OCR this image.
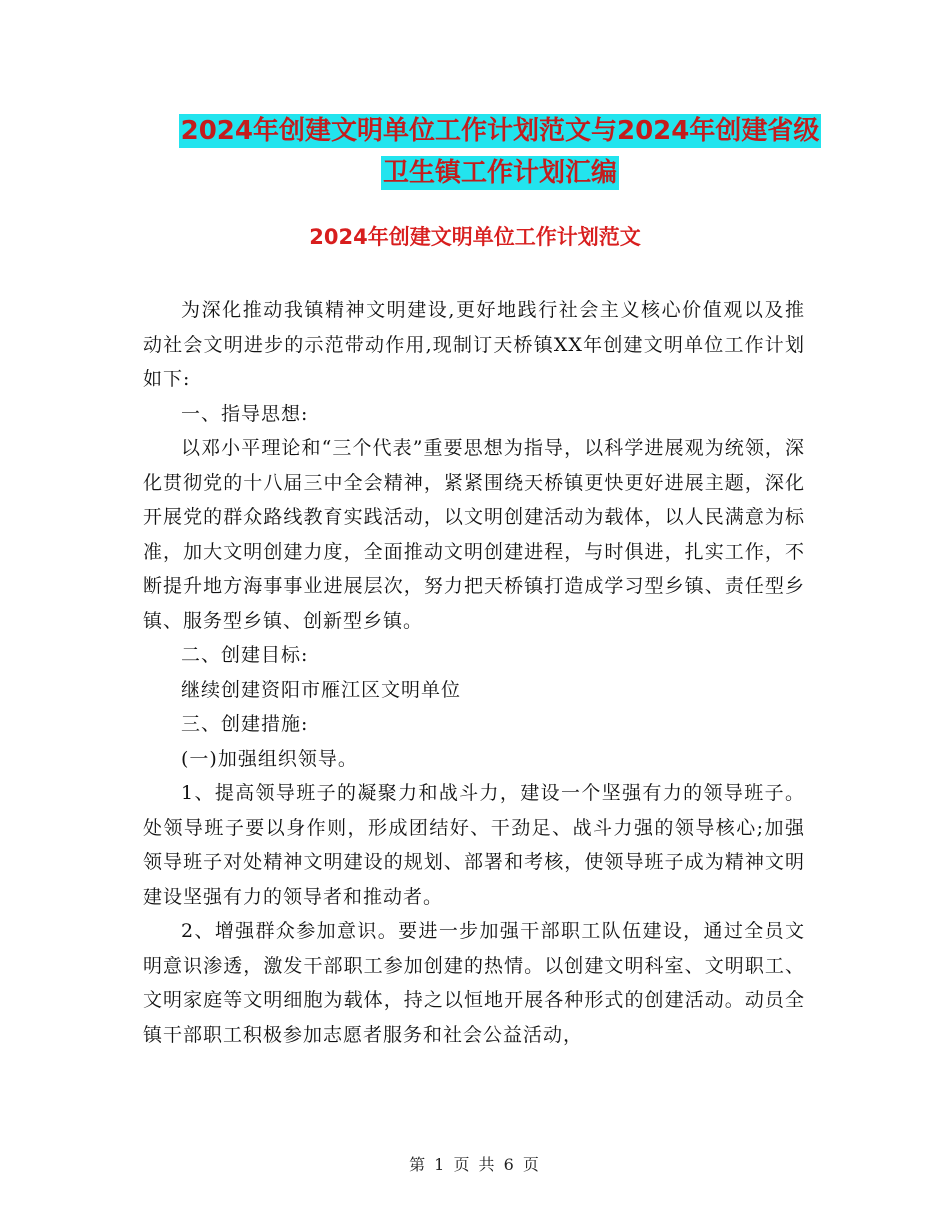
2024年创建文明单位工作计划范文与2024年创建省级
卫生镇工作计划汇编
2024年创建文明单位工作计划范文

为深化推动我镇精神文明建设,更好地践行社会主义核心价值观以及推动社会文明进步的示范带动作用,现制订天桥镇XX年创建文明单位工作计划如下:

一、指导思想:

以邓小平理论和“三个代表”重要思想为指导，以科学进展观为统领，深化贯彻党的十八届三中全会精神，紧紧围绕天桥镇更快更好进展主题，深化开展党的群众路线教育实践活动，以文明创建活动为载体，以人民满意为标准，加大文明创建力度，全面推动文明创建进程，与时俱进，扎实工作，不断提升地方海事事业进展层次，努力把天桥镇打造成学习型乡镇、责任型乡镇、服务型乡镇、创新型乡镇。

二、创建目标:

继续创建资阳市雁江区文明单位

三、创建措施:

(一)加强组织领导。

1、提高领导班子的凝聚力和战斗力，建设一个坚强有力的领导班子。处领导班子要以身作则，形成团结好、干劲足、战斗力强的领导核心;加强领导班子对处精神文明建设的规划、部署和考核，使领导班子成为精神文明建设坚强有力的领导者和推动者。

2、增强群众参加意识。要进一步加强干部职工队伍建设，通过全员文明意识渗透，激发干部职工参加创建的热情。以创建文明科室、文明职工、文明家庭等文明细胞为载体，持之以恒地开展各种形式的创建活动。动员全镇干部职工积极参加志愿者服务和社会公益活动，

第 1 页 共 6 页
